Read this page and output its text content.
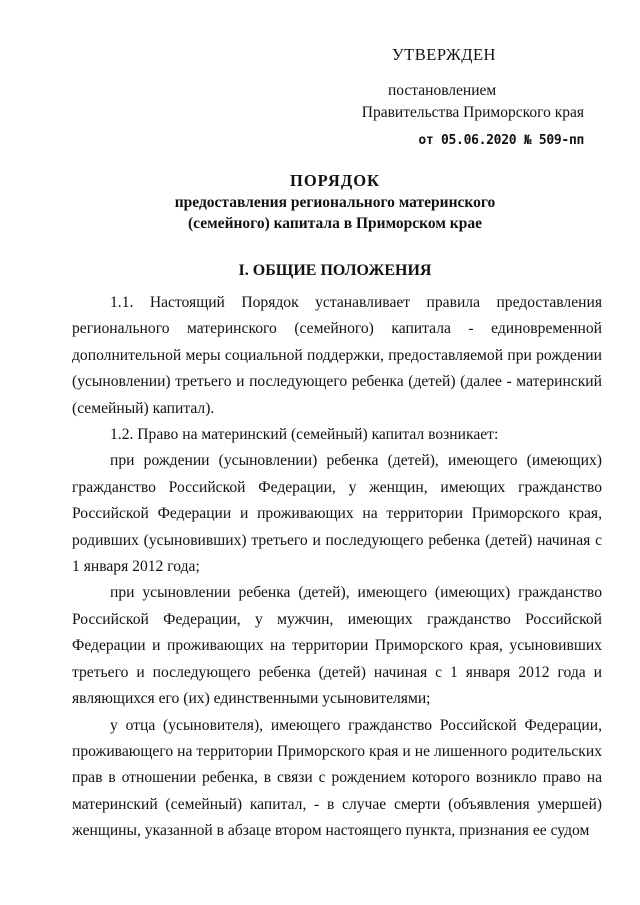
УТВЕРЖДЕН
постановлением
Правительства Приморского края
от 05.06.2020 № 509-пп
ПОРЯДОК
предоставления регионального материнского
(семейного) капитала в Приморском крае
I. ОБЩИЕ ПОЛОЖЕНИЯ

1.1. Настоящий Порядок устанавливает правила предоставления регионального материнского (семейного) капитала - единовременной дополнительной меры социальной поддержки, предоставляемой при рождении (усыновлении) третьего и последующего ребенка (детей) (далее - материнский (семейный) капитал).

1.2. Право на материнский (семейный) капитал возникает:

при рождении (усыновлении) ребенка (детей), имеющего (имеющих) гражданство Российской Федерации, у женщин, имеющих гражданство Российской Федерации и проживающих на территории Приморского края, родивших (усыновивших) третьего и последующего ребенка (детей) начиная с 1 января 2012 года;

при усыновлении ребенка (детей), имеющего (имеющих) гражданство Российской Федерации, у мужчин, имеющих гражданство Российской Федерации и проживающих на территории Приморского края, усыновивших третьего и последующего ребенка (детей) начиная с 1 января 2012 года и являющихся его (их) единственными усыновителями;

у отца (усыновителя), имеющего гражданство Российской Федерации, проживающего на территории Приморского края и не лишенного родительских прав в отношении ребенка, в связи с рождением которого возникло право на материнский (семейный) капитал, - в случае смерти (объявления умершей) женщины, указанной в абзаце втором настоящего пункта, признания ее судом
